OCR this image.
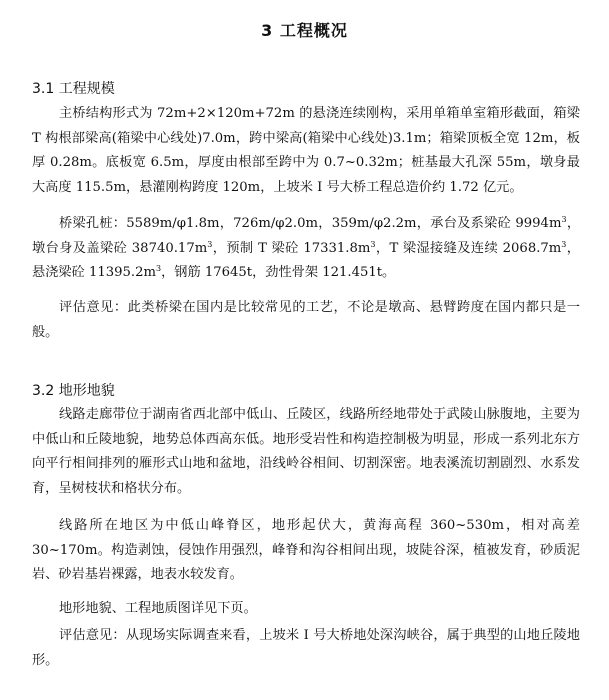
3 工程概况
3.1 工程规模
主桥结构形式为 72m+2×120m+72m 的悬浇连续刚构，采用单箱单室箱形截面，箱梁T 构根部梁高(箱梁中心线处)7.0m，跨中梁高(箱梁中心线处)3.1m；箱梁顶板全宽 12m，板厚 0.28m。底板宽 6.5m，厚度由根部至跨中为 0.7~0.32m；桩基最大孔深 55m，墩身最大高度 115.5m，悬灌刚构跨度 120m，上坡米 I 号大桥工程总造价约 1.72 亿元。
桥梁孔桩：5589m/φ1.8m，726m/φ2.0m，359m/φ2.2m，承台及系梁砼 $9994m^3$，墩台身及盖梁砼 $38740.17m^3$，预制 T 梁砼 $17331.8m^3$，T 梁湿接缝及连续 $2068.7m^3$，悬浇梁砼 $11395.2m^3$，钢筋 17645t，劲性骨架 121.451t。
评估意见：此类桥梁在国内是比较常见的工艺，不论是墩高、悬臂跨度在国内都只是一般。
3.2 地形地貌
线路走廊带位于湖南省西北部中低山、丘陵区，线路所经地带处于武陵山脉腹地，主要为中低山和丘陵地貌，地势总体西高东低。地形受岩性和构造控制极为明显，形成一系列北东方向平行相间排列的雁形式山地和盆地，沿线岭谷相间、切割深密。地表溪流切割剧烈、水系发育，呈树枝状和格状分布。
线路所在地区为中低山峰脊区，地形起伏大，黄海高程 360~530m，相对高差30~170m。构造剥蚀，侵蚀作用强烈，峰脊和沟谷相间出现，坡陡谷深，植被发育，砂质泥岩、砂岩基岩裸露，地表水较发育。
地形地貌、工程地质图详见下页。
评估意见：从现场实际调查来看，上坡米 I 号大桥地处深沟峡谷，属于典型的山地丘陵地形。
